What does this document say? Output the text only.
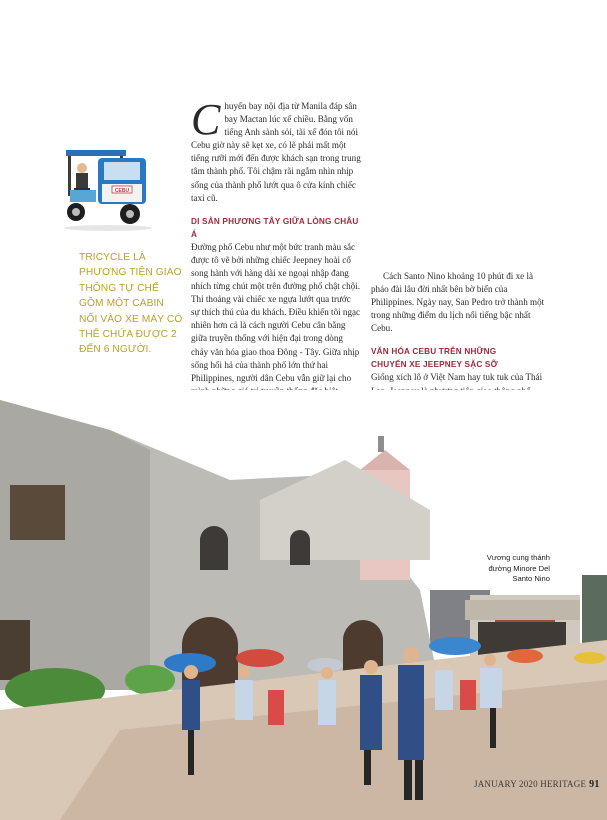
CEBU
TRICYCLE LÀ PHƯƠNG TIỆN GIAO THÔNG TỰ CHẾ GỒM MỘT CABIN NỐI VÀO XE MÁY CÓ THỂ CHỨA ĐƯỢC 2 ĐẾN 6 NGƯỜI.

C huyến bay nội địa từ Manila đáp sân bay Mactan lúc xế chiều. Bằng vốn tiếng Anh sành sỏi, tài xế đón tôi nói Cebu giờ này sẽ kẹt xe, có lẽ phải mất một tiếng rưỡi mới đến được khách sạn trong trung tâm thành phố. Tôi chậm rãi ngắm nhìn nhịp sống của thành phố lướt qua ô cửa kính chiếc taxi cũ.

DI SẢN PHƯƠNG TÂY GIỮA LÒNG CHÂU Á

Đường phố Cebu như một bức tranh màu sắc được tô vẽ bởi những chiếc Jeepney hoài cổ song hành với hàng dài xe ngoại nhập đang nhích từng chút một trên đường phố chật chội. Thi thoảng vài chiếc xe ngựa lướt qua trước sự thích thú của du khách. Điều khiến tôi ngạc nhiên hơn cả là cách người Cebu cân bằng giữa truyền thống với hiện đại trong dòng chảy văn hóa giao thoa Đông - Tây. Giữa nhịp sống hối hả của thành phố lớn thứ hai Philippines, người dân Cebu vẫn giữ lại cho

Cách Santo Nino khoảng 10 phút đi xe là pháo đài lâu đời nhất bên bờ biển của Philippines. Ngày nay, San Pedro trở thành một trong những điểm du lịch nổi tiếng bậc nhất Cebu.

VĂN HÓA CEBU TRÊN NHỮNG
CHUYẾN XE JEEPNEY SẶC SỠ

Giống xích lô ở Việt Nam hay tuk tuk của Thái

Vương cung thánh đường Minore Del Santo Nino
JANUARY 2020 HERITAGE 91
